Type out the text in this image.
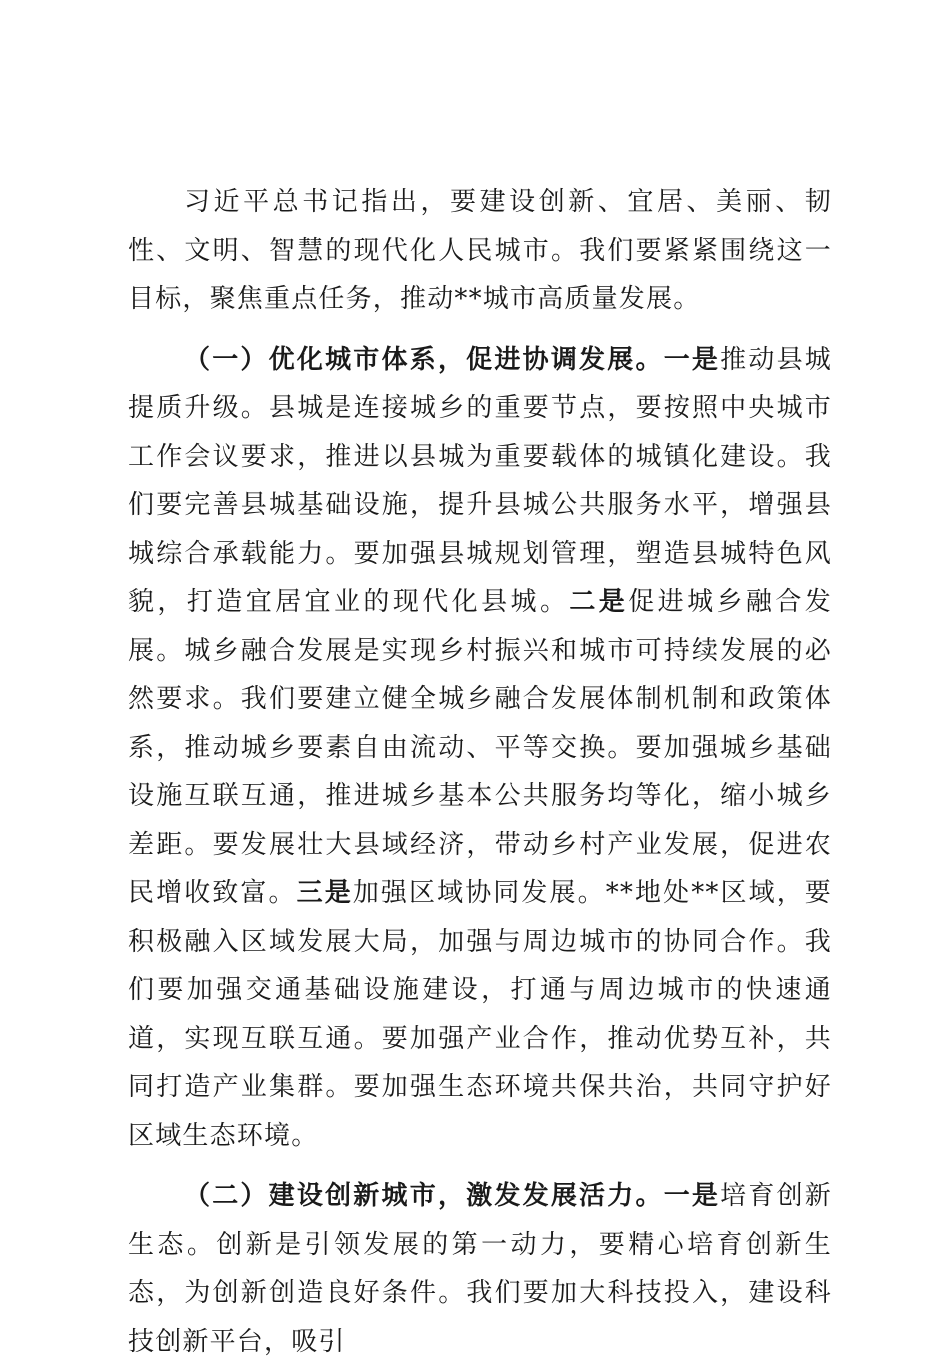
习近平总书记指出，要建设创新、宜居、美丽、韧性、文明、智慧的现代化人民城市。我们要紧紧围绕这一目标，聚焦重点任务，推动**城市高质量发展。

（一）优化城市体系，促进协调发展。一是推动县城提质升级。县城是连接城乡的重要节点，要按照中央城市工作会议要求，推进以县城为重要载体的城镇化建设。我们要完善县城基础设施，提升县城公共服务水平，增强县城综合承载能力。要加强县城规划管理，塑造县城特色风貌，打造宜居宜业的现代化县城。二是促进城乡融合发展。城乡融合发展是实现乡村振兴和城市可持续发展的必然要求。我们要建立健全城乡融合发展体制机制和政策体系，推动城乡要素自由流动、平等交换。要加强城乡基础设施互联互通，推进城乡基本公共服务均等化，缩小城乡差距。要发展壮大县域经济，带动乡村产业发展，促进农民增收致富。三是加强区域协同发展。**地处**区域，要积极融入区域发展大局，加强与周边城市的协同合作。我们要加强交通基础设施建设，打通与周边城市的快速通道，实现互联互通。要加强产业合作，推动优势互补，共同打造产业集群。要加强生态环境共保共治，共同守护好区域生态环境。

（二）建设创新城市，激发发展活力。一是培育创新生态。创新是引领发展的第一动力，要精心培育创新生态，为创新创造良好条件。我们要加大科技投入，建设科技创新平台，吸引
